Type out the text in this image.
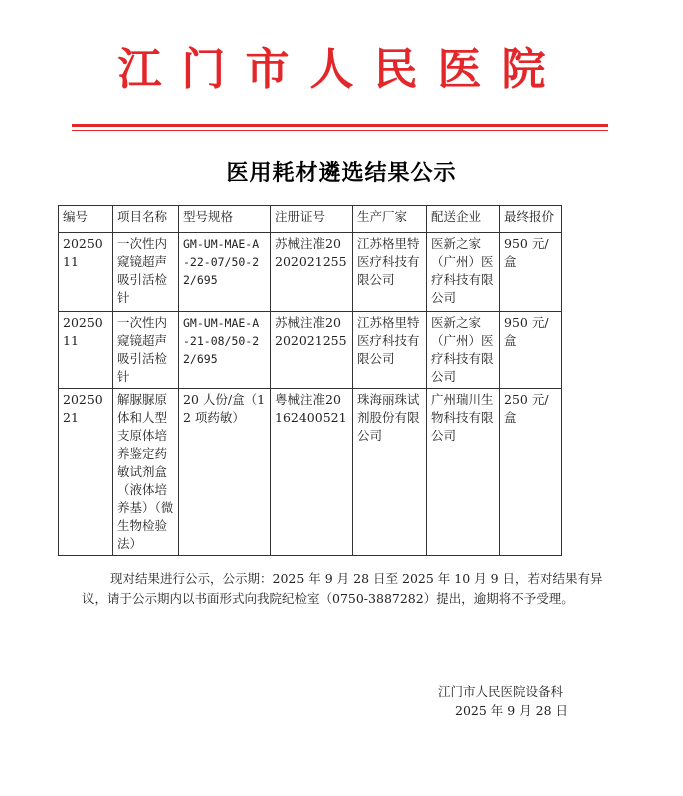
江门市人民医院
医用耗材遴选结果公示
编号	项目名称	型号规格	注册证号	生产厂家	配送企业	最终报价
2025011	一次性内窥镜超声吸引活检针	GM-UM-MAE-A-22-07/50-22/695	苏械注准20202021255	江苏格里特医疗科技有限公司	医新之家（广州）医疗科技有限公司	950 元/盒
2025011	一次性内窥镜超声吸引活检针	GM-UM-MAE-A-21-08/50-22/695	苏械注准20202021255	江苏格里特医疗科技有限公司	医新之家（广州）医疗科技有限公司	950 元/盒
2025021	解脲脲原体和人型支原体培养鉴定药敏试剂盒（液体培养基）（微生物检验法）	20 人份/盒（12 项药敏）	粤械注准20162400521	珠海丽珠试剂股份有限公司	广州瑞川生物科技有限公司	250 元/盒
现对结果进行公示，公示期：2025 年 9 月 28 日至 2025 年 10 月 9 日，若对结果有异议，请于公示期内以书面形式向我院纪检室（0750-3887282）提出，逾期将不予受理。
江门市人民医院设备科
2025 年 9 月 28 日
